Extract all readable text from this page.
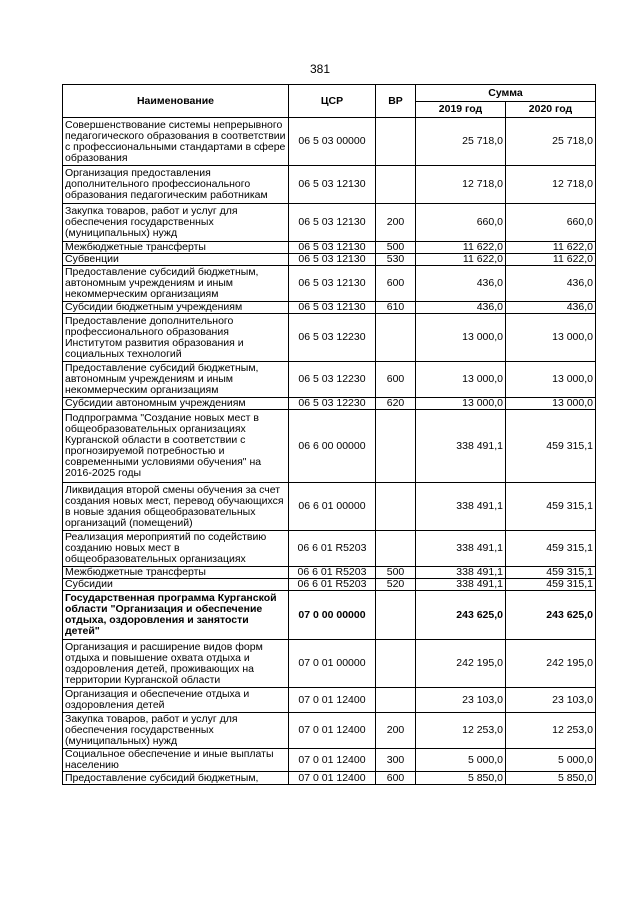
381
Наименование	ЦСР	ВР	Сумма	
			2019 год	2020 год
Совершенствование системы непрерывного педагогического образования в соответствии с профессиональными стандартами в сфере образования	06 5 03 00000		25 718,0	25 718,0
Организация предоставления дополнительного профессионального образования педагогическим работникам	06 5 03 12130		12 718,0	12 718,0
Закупка товаров, работ и услуг для обеспечения государственных (муниципальных) нужд	06 5 03 12130	200	660,0	660,0
Межбюджетные трансферты	06 5 03 12130	500	11 622,0	11 622,0
Субвенции	06 5 03 12130	530	11 622,0	11 622,0
Предоставление субсидий бюджетным, автономным учреждениям и иным некоммерческим организациям	06 5 03 12130	600	436,0	436,0
Субсидии бюджетным учреждениям	06 5 03 12130	610	436,0	436,0
Предоставление дополнительного профессионального образования Институтом развития образования и социальных технологий	06 5 03 12230		13 000,0	13 000,0
Предоставление субсидий бюджетным, автономным учреждениям и иным некоммерческим организациям	06 5 03 12230	600	13 000,0	13 000,0
Субсидии автономным учреждениям	06 5 03 12230	620	13 000,0	13 000,0
Подпрограмма "Создание новых мест в общеобразовательных организациях Курганской области в соответствии с прогнозируемой потребностью и современными условиями обучения" на 2016-2025 годы	06 6 00 00000		338 491,1	459 315,1
Ликвидация второй смены обучения за счет создания новых мест, перевод обучающихся в новые здания общеобразовательных организаций (помещений)	06 6 01 00000		338 491,1	459 315,1
Реализация мероприятий по содействию созданию новых мест в общеобразовательных организациях	06 6 01 R5203		338 491,1	459 315,1
Межбюджетные трансферты	06 6 01 R5203	500	338 491,1	459 315,1
Субсидии	06 6 01 R5203	520	338 491,1	459 315,1
Государственная программа Курганской области "Организация и обеспечение отдыха, оздоровления и занятости детей"	07 0 00 00000		243 625,0	243 625,0
Организация и расширение видов форм отдыха и повышение охвата отдыха и оздоровления детей, проживающих на территории Курганской области	07 0 01 00000		242 195,0	242 195,0
Организация и обеспечение отдыха и оздоровления детей	07 0 01 12400		23 103,0	23 103,0
Закупка товаров, работ и услуг для обеспечения государственных (муниципальных) нужд	07 0 01 12400	200	12 253,0	12 253,0
Социальное обеспечение и иные выплаты населению	07 0 01 12400	300	5 000,0	5 000,0
Предоставление субсидий бюджетным,	07 0 01 12400	600	5 850,0	5 850,0
